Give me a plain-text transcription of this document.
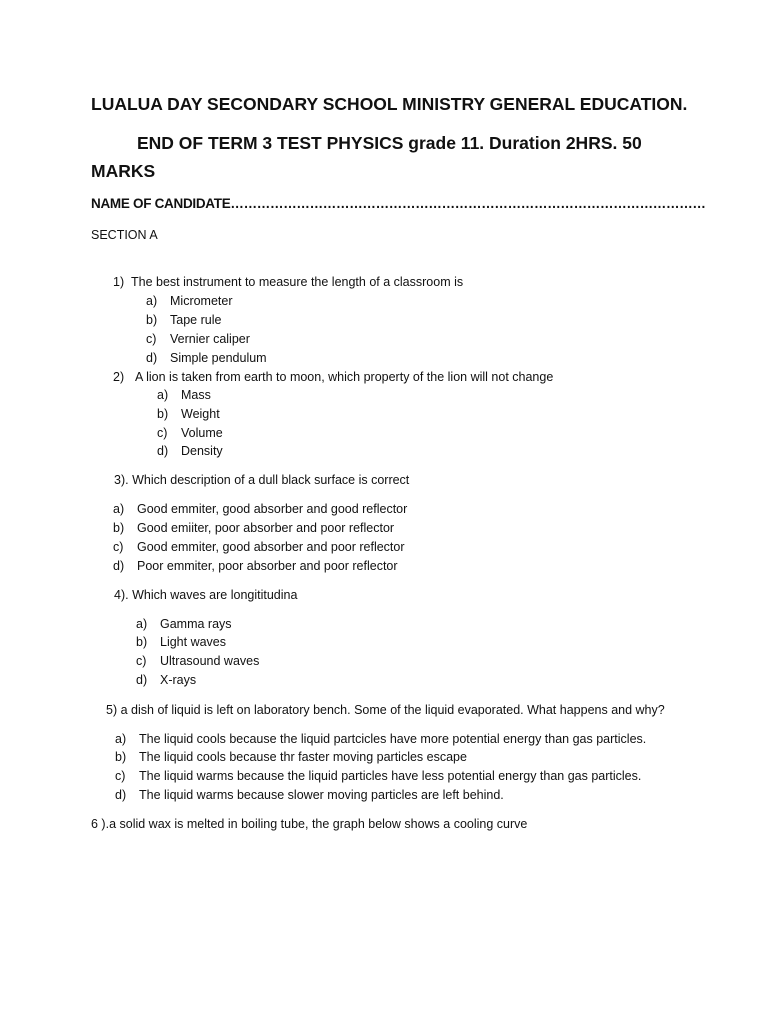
LUALUA DAY SECONDARY SCHOOL MINISTRY GENERAL EDUCATION.
END OF TERM 3 TEST PHYSICS grade 11. Duration 2HRS. 50
MARKS
NAME OF CANDIDATE………………………………………………………………………………………………
SECTION A
1) The best instrument to measure the length of a classroom is
a) Micrometer
b) Tape rule
c) Vernier caliper
d) Simple pendulum
2) A lion is taken from earth to moon, which property of the lion will not change
a) Mass
b) Weight
c) Volume
d) Density
3). Which description of a dull black surface is correct
a) Good emmiter, good absorber and good reflector
b) Good emiiter, poor absorber and poor reflector
c) Good emmiter, good absorber and poor reflector
d) Poor emmiter, poor absorber and poor reflector
4). Which waves are longititudina
a) Gamma rays
b) Light waves
c) Ultrasound waves
d) X-rays
5) a dish of liquid is left on laboratory bench. Some of the liquid evaporated. What happens and why?
a) The liquid cools because the liquid partcicles have more potential energy than gas particles.
b) The liquid cools because thr faster moving particles escape
c) The liquid warms because the liquid particles have less potential energy than gas particles.
d) The liquid warms because slower moving particles are left behind.
6 ).a solid wax is melted in boiling tube, the graph below shows a cooling curve
